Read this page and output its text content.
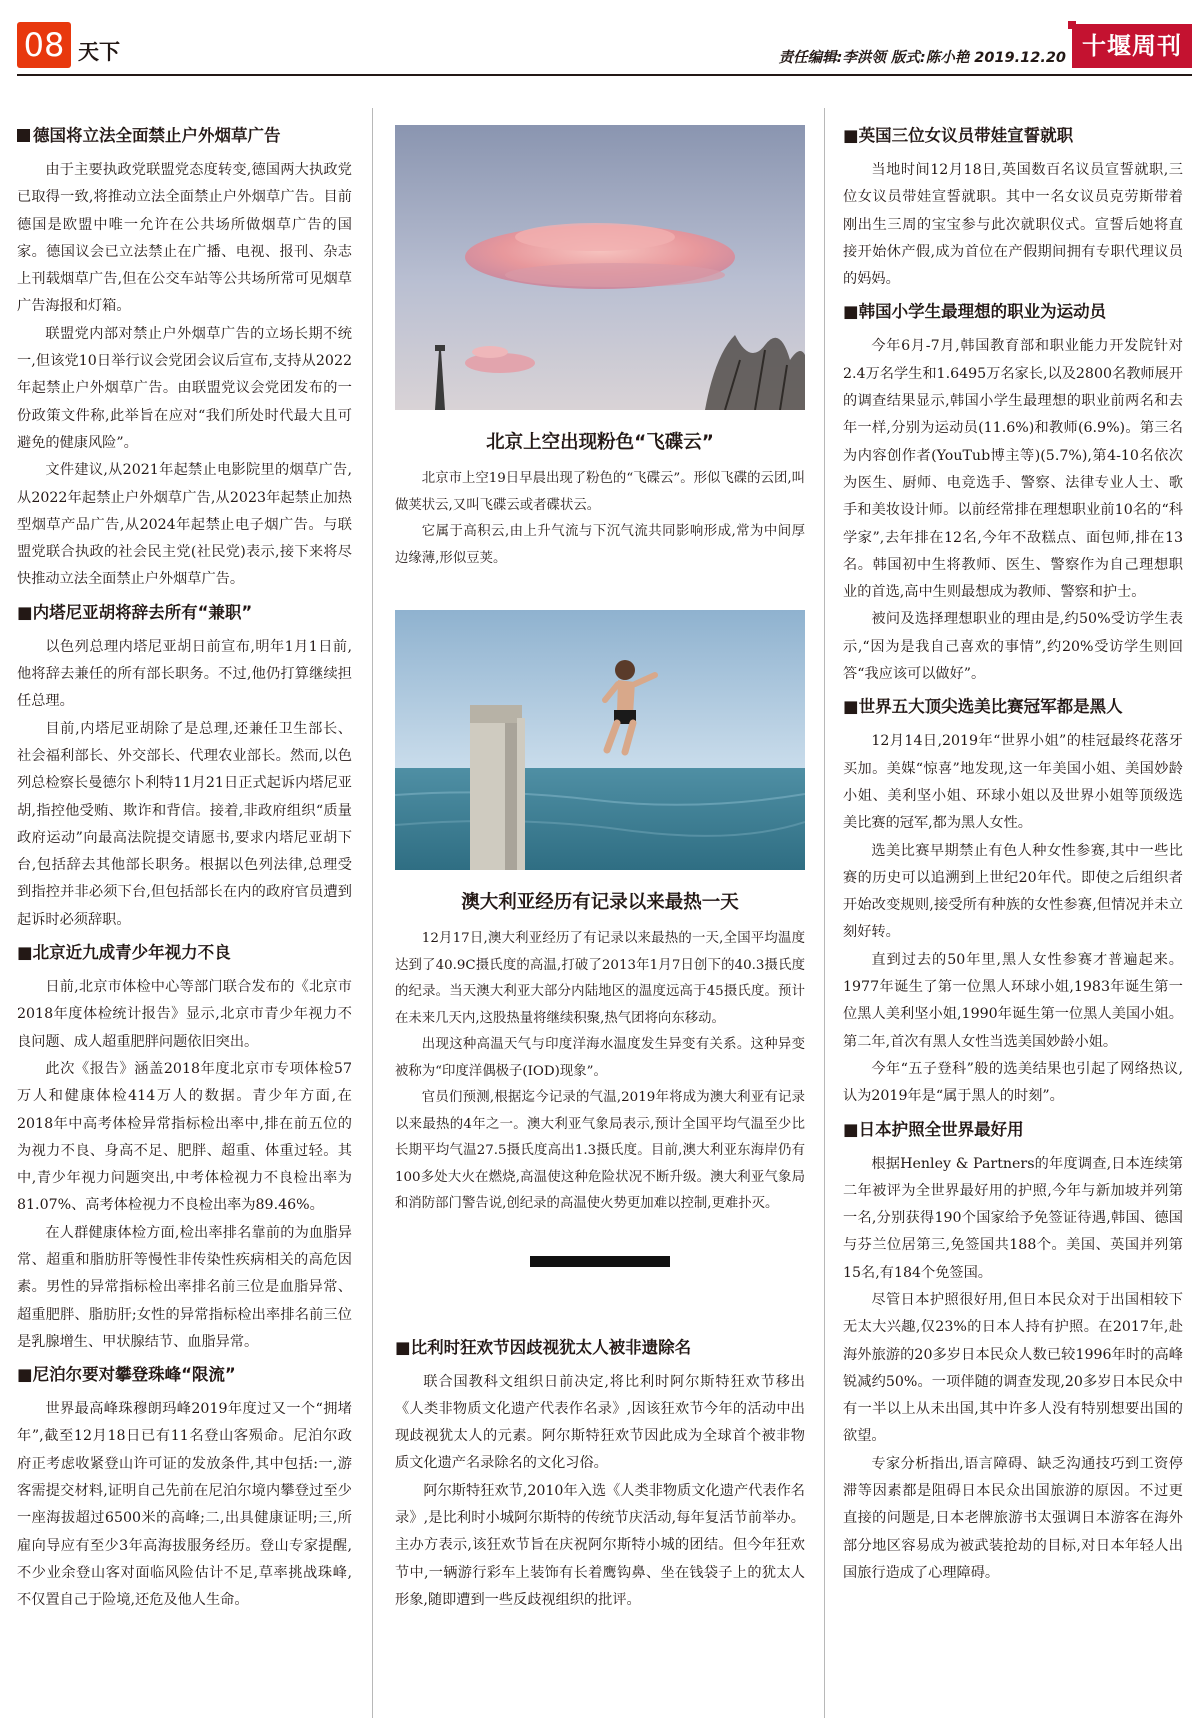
08 天下	责任编辑:李洪领 版式:陈小艳 2019.12.20 十堰周刊
德国将立法全面禁止户外烟草广告

由于主要执政党联盟党态度转变,德国两大执政党已取得一致,将推动立法全面禁止户外烟草广告。目前德国是欧盟中唯一允许在公共场所做烟草广告的国家。德国议会已立法禁止在广播、电视、报刊、杂志上刊载烟草广告,但在公交车站等公共场所常可见烟草广告海报和灯箱。

联盟党内部对禁止户外烟草广告的立场长期不统一,但该党10日举行议会党团会议后宣布,支持从2022年起禁止户外烟草广告。由联盟党议会党团发布的一份政策文件称,此举旨在应对“我们所处时代最大且可避免的健康风险”。

文件建议,从2021年起禁止电影院里的烟草广告,从2022年起禁止户外烟草广告,从2023年起禁止加热型烟草产品广告,从2024年起禁止电子烟广告。与联盟党联合执政的社会民主党(社民党)表示,接下来将尽快推动立法全面禁止户外烟草广告。

■内塔尼亚胡将辞去所有“兼职”

以色列总理内塔尼亚胡日前宣布,明年1月1日前,他将辞去兼任的所有部长职务。不过,他仍打算继续担任总理。

目前,内塔尼亚胡除了是总理,还兼任卫生部长、社会福利部长、外交部长、代理农业部长。然而,以色列总检察长曼德尔卜利特11月21日正式起诉内塔尼亚胡,指控他受贿、欺诈和背信。接着,非政府组织“质量政府运动”向最高法院提交请愿书,要求内塔尼亚胡下台,包括辞去其他部长职务。根据以色列法律,总理受到指控并非必须下台,但包括部长在内的政府官员遭到起诉时必须辞职。

■北京近九成青少年视力不良

日前,北京市体检中心等部门联合发布的《北京市2018年度体检统计报告》显示,北京市青少年视力不良问题、成人超重肥胖问题依旧突出。

此次《报告》涵盖2018年度北京市专项体检57万人和健康体检414万人的数据。青少年方面,在2018年中高考体检异常指标检出率中,排在前五位的为视力不良、身高不足、肥胖、超重、体重过轻。其中,青少年视力问题突出,中考体检视力不良检出率为81.07%、高考体检视力不良检出率为89.46%。

在人群健康体检方面,检出率排名靠前的为血脂异常、超重和脂肪肝等慢性非传染性疾病相关的高危因素。男性的异常指标检出率排名前三位是血脂异常、超重肥胖、脂肪肝;女性的异常指标检出率排名前三位是乳腺增生、甲状腺结节、血脂异常。

■尼泊尔要对攀登珠峰“限流”

世界最高峰珠穆朗玛峰2019年度过又一个“拥堵年”,截至12月18日已有11名登山客殒命。尼泊尔政府正考虑收紧登山许可证的发放条件,其中包括:一,游客需提交材料,证明自己先前在尼泊尔境内攀登过至少一座海拔超过6500米的高峰;二,出具健康证明;三,所雇向导应有至少3年高海拔服务经历。登山专家提醒,不少业余登山客对面临风险估计不足,草率挑战珠峰,不仅置自己于险境,还危及他人生命。

北京上空出现粉色“飞碟云”

北京市上空19日早晨出现了粉色的“飞碟云”。形似飞碟的云团,叫做荚状云,又叫飞碟云或者碟状云。

它属于高积云,由上升气流与下沉气流共同影响形成,常为中间厚边缘薄,形似豆荚。

澳大利亚经历有记录以来最热一天

12月17日,澳大利亚经历了有记录以来最热的一天,全国平均温度达到了40.9C摄氏度的高温,打破了2013年1月7日创下的40.3摄氏度的纪录。当天澳大利亚大部分内陆地区的温度远高于45摄氏度。预计在未来几天内,这股热量将继续积聚,热气团将向东移动。

出现这种高温天气与印度洋海水温度发生异变有关系。这种异变被称为“印度洋偶极子(IOD)现象”。

官员们预测,根据迄今记录的气温,2019年将成为澳大利亚有记录以来最热的4年之一。澳大利亚气象局表示,预计全国平均气温至少比长期平均气温27.5摄氏度高出1.3摄氏度。目前,澳大利亚东海岸仍有100多处大火在燃烧,高温使这种危险状况不断升级。澳大利亚气象局和消防部门警告说,创纪录的高温使火势更加难以控制,更难扑灭。

■比利时狂欢节因歧视犹太人被非遗除名

联合国教科文组织日前决定,将比利时阿尔斯特狂欢节移出《人类非物质文化遗产代表作名录》,因该狂欢节今年的活动中出现歧视犹太人的元素。阿尔斯特狂欢节因此成为全球首个被非物质文化遗产名录除名的文化习俗。

阿尔斯特狂欢节,2010年入选《人类非物质文化遗产代表作名录》,是比利时小城阿尔斯特的传统节庆活动,每年复活节前举办。主办方表示,该狂欢节旨在庆祝阿尔斯特小城的团结。但今年狂欢节中,一辆游行彩车上装饰有长着鹰钩鼻、坐在钱袋子上的犹太人形象,随即遭到一些反歧视组织的批评。

■英国三位女议员带娃宣誓就职

当地时间12月18日,英国数百名议员宣誓就职,三位女议员带娃宣誓就职。其中一名女议员克劳斯带着刚出生三周的宝宝参与此次就职仪式。宣誓后她将直接开始休产假,成为首位在产假期间拥有专职代理议员的妈妈。

■韩国小学生最理想的职业为运动员

今年6月-7月,韩国教育部和职业能力开发院针对2.4万名学生和1.6495万名家长,以及2800名教师展开的调查结果显示,韩国小学生最理想的职业前两名和去年一样,分别为运动员(11.6%)和教师(6.9%)。第三名为内容创作者(YouTub博主等)(5.7%),第4-10名依次为医生、厨师、电竞选手、警察、法律专业人士、歌手和美妆设计师。以前经常排在理想职业前10名的“科学家”,去年排在12名,今年不敌糕点、面包师,排在13名。韩国初中生将教师、医生、警察作为自己理想职业的首选,高中生则最想成为教师、警察和护士。

被问及选择理想职业的理由是,约50%受访学生表示,“因为是我自己喜欢的事情”,约20%受访学生则回答“我应该可以做好”。

■世界五大顶尖选美比赛冠军都是黑人

12月14日,2019年“世界小姐”的桂冠最终花落牙买加。美媒“惊喜”地发现,这一年美国小姐、美国妙龄小姐、美利坚小姐、环球小姐以及世界小姐等顶级选美比赛的冠军,都为黑人女性。

选美比赛早期禁止有色人种女性参赛,其中一些比赛的历史可以追溯到上世纪20年代。即使之后组织者开始改变规则,接受所有种族的女性参赛,但情况并未立刻好转。

直到过去的50年里,黑人女性参赛才普遍起来。1977年诞生了第一位黑人环球小姐,1983年诞生第一位黑人美利坚小姐,1990年诞生第一位黑人美国小姐。第二年,首次有黑人女性当选美国妙龄小姐。

今年“五子登科”般的选美结果也引起了网络热议,认为2019年是“属于黑人的时刻”。

■日本护照全世界最好用

根据Henley & Partners的年度调查,日本连续第二年被评为全世界最好用的护照,今年与新加坡并列第一名,分别获得190个国家给予免签证待遇,韩国、德国与芬兰位居第三,免签国共188个。美国、英国并列第15名,有184个免签国。

尽管日本护照很好用,但日本民众对于出国相较下无太大兴趣,仅23%的日本人持有护照。在2017年,赴海外旅游的20多岁日本民众人数已较1996年时的高峰锐减约50%。一项伴随的调查发现,20多岁日本民众中有一半以上从未出国,其中许多人没有特别想要出国的欲望。

专家分析指出,语言障碍、缺乏沟通技巧到工资停滞等因素都是阻碍日本民众出国旅游的原因。不过更直接的问题是,日本老牌旅游书太强调日本游客在海外部分地区容易成为被武装抢劫的目标,对日本年轻人出国旅行造成了心理障碍。
